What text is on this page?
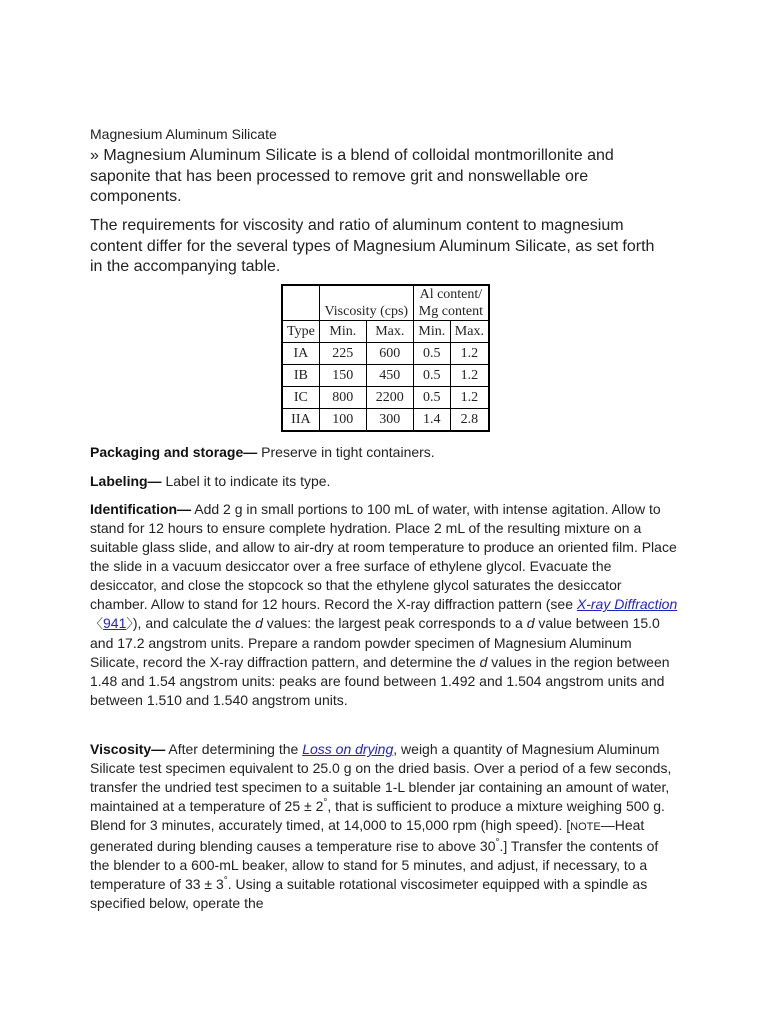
Magnesium Aluminum Silicate
» Magnesium Aluminum Silicate is a blend of colloidal montmorillonite and saponite that has been processed to remove grit and nonswellable ore components.
The requirements for viscosity and ratio of aluminum content to magnesium content differ for the several types of Magnesium Aluminum Silicate, as set forth in the accompanying table.
	Viscosity (cps)		Al content/
Mg content	
Type	Min.	Max.	Min.	Max.
IA	225	600	0.5	1.2
IB	150	450	0.5	1.2
IC	800	2200	0.5	1.2
IIA	100	300	1.4	2.8
Packaging and storage— Preserve in tight containers.
Labeling— Label it to indicate its type.
Identification— Add 2 g in small portions to 100 mL of water, with intense agitation. Allow to stand for 12 hours to ensure complete hydration. Place 2 mL of the resulting mixture on a suitable glass slide, and allow to air-dry at room temperature to produce an oriented film. Place the slide in a vacuum desiccator over a free surface of ethylene glycol. Evacuate the desiccator, and close the stopcock so that the ethylene glycol saturates the desiccator chamber. Allow to stand for 12 hours. Record the X-ray diffraction pattern (see X-ray Diffraction 〈941〉), and calculate the d values: the largest peak corresponds to a d value between 15.0 and 17.2 angstrom units. Prepare a random powder specimen of Magnesium Aluminum Silicate, record the X-ray diffraction pattern, and determine the d values in the region between 1.48 and 1.54 angstrom units: peaks are found between 1.492 and 1.504 angstrom units and between 1.510 and 1.540 angstrom units.
Viscosity— After determining the Loss on drying, weigh a quantity of Magnesium Aluminum Silicate test specimen equivalent to 25.0 g on the dried basis. Over a period of a few seconds, transfer the undried test specimen to a suitable 1-L blender jar containing an amount of water, maintained at a temperature of 25 ± 2°, that is sufficient to produce a mixture weighing 500 g. Blend for 3 minutes, accurately timed, at 14,000 to 15,000 rpm (high speed). [NOTE—Heat generated during blending causes a temperature rise to above 30°.] Transfer the contents of the blender to a 600-mL beaker, allow to stand for 5 minutes, and adjust, if necessary, to a temperature of 33 ± 3°. Using a suitable rotational viscosimeter equipped with a spindle as specified below, operate the
